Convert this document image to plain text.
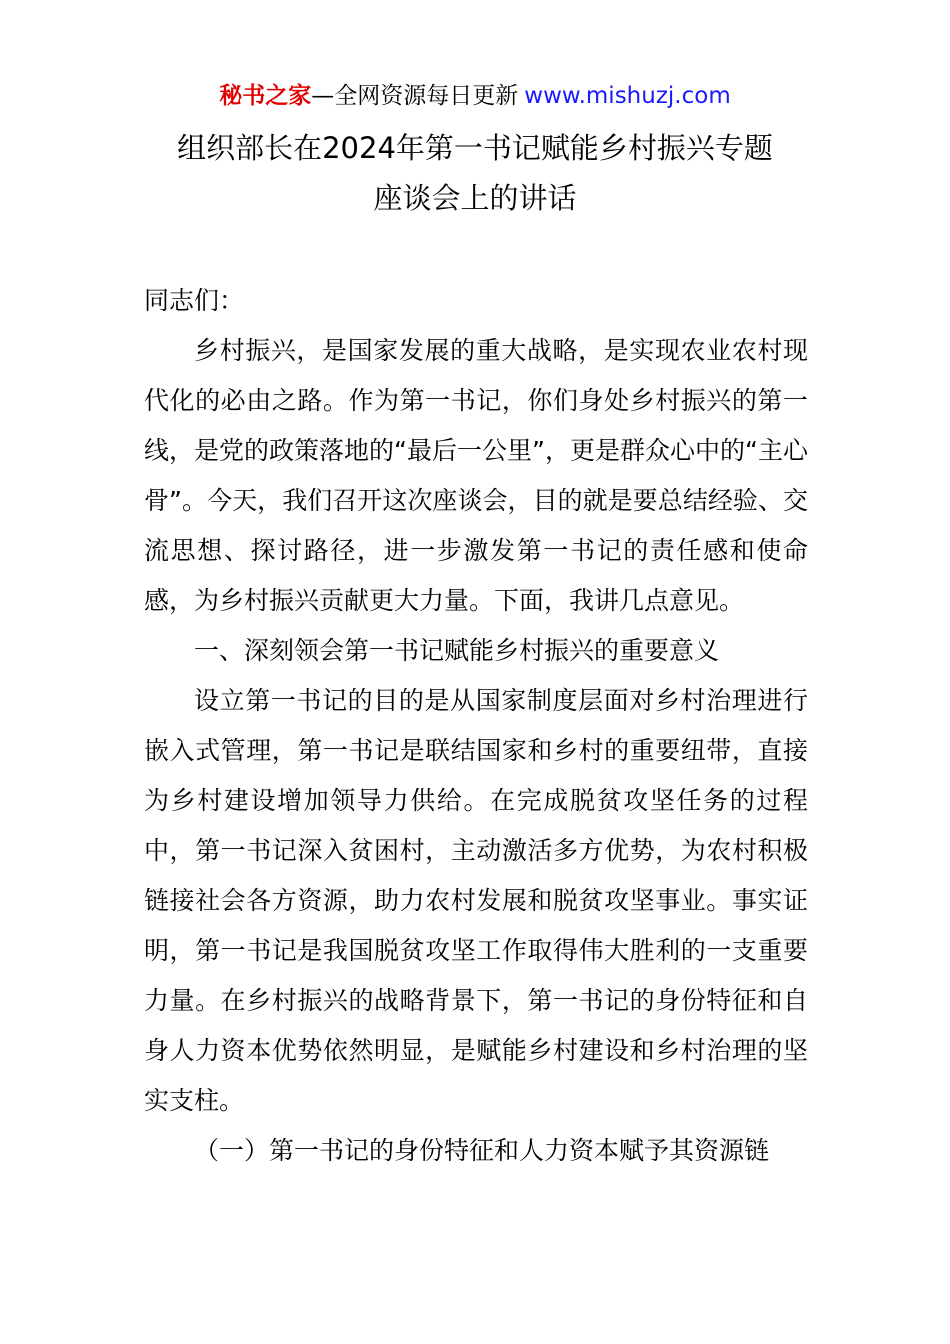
秘书之家—全网资源每日更新 www.mishuzj.com
组织部长在2024年第一书记赋能乡村振兴专题
座谈会上的讲话

同志们：

乡村振兴，是国家发展的重大战略，是实现农业农村现代化的必由之路。作为第一书记，你们身处乡村振兴的第一线，是党的政策落地的“最后一公里”，更是群众心中的“主心骨”。今天，我们召开这次座谈会，目的就是要总结经验、交流思想、探讨路径，进一步激发第一书记的责任感和使命感，为乡村振兴贡献更大力量。下面，我讲几点意见。

一、深刻领会第一书记赋能乡村振兴的重要意义

设立第一书记的目的是从国家制度层面对乡村治理进行嵌入式管理，第一书记是联结国家和乡村的重要纽带，直接为乡村建设增加领导力供给。在完成脱贫攻坚任务的过程中，第一书记深入贫困村，主动激活多方优势，为农村积极链接社会各方资源，助力农村发展和脱贫攻坚事业。事实证明，第一书记是我国脱贫攻坚工作取得伟大胜利的一支重要力量。在乡村振兴的战略背景下，第一书记的身份特征和自身人力资本优势依然明显，是赋能乡村建设和乡村治理的坚实支柱。

（一）第一书记的身份特征和人力资本赋予其资源链
